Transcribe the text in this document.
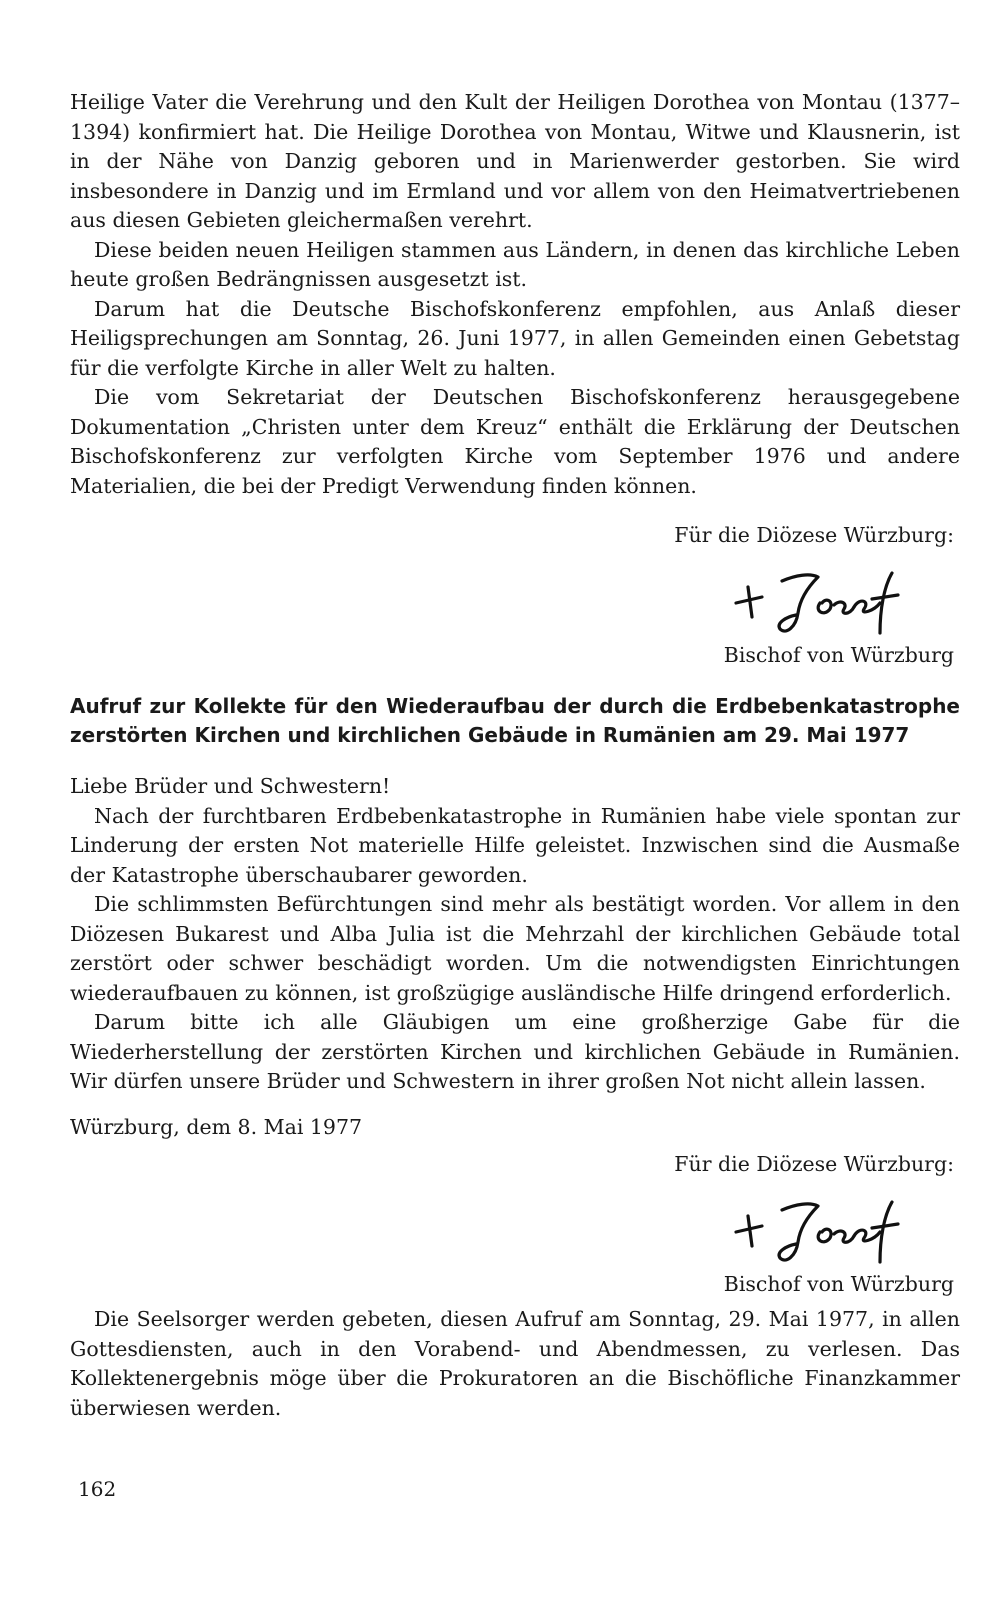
Heilige Vater die Verehrung und den Kult der Heiligen Dorothea von Montau (1377–1394) konfirmiert hat. Die Heilige Dorothea von Montau, Witwe und Klausnerin, ist in der Nähe von Danzig geboren und in Marienwerder gestorben. Sie wird insbesondere in Danzig und im Ermland und vor allem von den Heimatvertriebenen aus diesen Gebieten gleichermaßen verehrt.

Diese beiden neuen Heiligen stammen aus Ländern, in denen das kirchliche Leben heute großen Bedrängnissen ausgesetzt ist.

Darum hat die Deutsche Bischofskonferenz empfohlen, aus Anlaß dieser Heiligsprechungen am Sonntag, 26. Juni 1977, in allen Gemeinden einen Gebetstag für die verfolgte Kirche in aller Welt zu halten.

Die vom Sekretariat der Deutschen Bischofskonferenz herausgegebene Dokumentation „Christen unter dem Kreuz“ enthält die Erklärung der Deutschen Bischofskonferenz zur verfolgten Kirche vom September 1976 und andere Materialien, die bei der Predigt Verwendung finden können.

Für die Diözese Würzburg:

Bischof von Würzburg

Aufruf zur Kollekte für den Wiederaufbau der durch die Erdbebenkatastrophe zerstörten Kirchen und kirchlichen Gebäude in Rumänien am 29. Mai 1977

Liebe Brüder und Schwestern!

Nach der furchtbaren Erdbebenkatastrophe in Rumänien habe viele spontan zur Linderung der ersten Not materielle Hilfe geleistet. Inzwischen sind die Ausmaße der Katastrophe überschaubarer geworden.

Die schlimmsten Befürchtungen sind mehr als bestätigt worden. Vor allem in den Diözesen Bukarest und Alba Julia ist die Mehrzahl der kirchlichen Gebäude total zerstört oder schwer beschädigt worden. Um die notwendigsten Einrichtungen wiederaufbauen zu können, ist großzügige ausländische Hilfe dringend erforderlich.

Darum bitte ich alle Gläubigen um eine großherzige Gabe für die Wiederherstellung der zerstörten Kirchen und kirchlichen Gebäude in Rumänien. Wir dürfen unsere Brüder und Schwestern in ihrer großen Not nicht allein lassen.

Würzburg, dem 8. Mai 1977

Für die Diözese Würzburg:

Bischof von Würzburg

Die Seelsorger werden gebeten, diesen Aufruf am Sonntag, 29. Mai 1977, in allen Gottesdiensten, auch in den Vorabend- und Abendmessen, zu verlesen. Das Kollektenergebnis möge über die Prokuratoren an die Bischöfliche Finanzkammer überwiesen werden.

162
